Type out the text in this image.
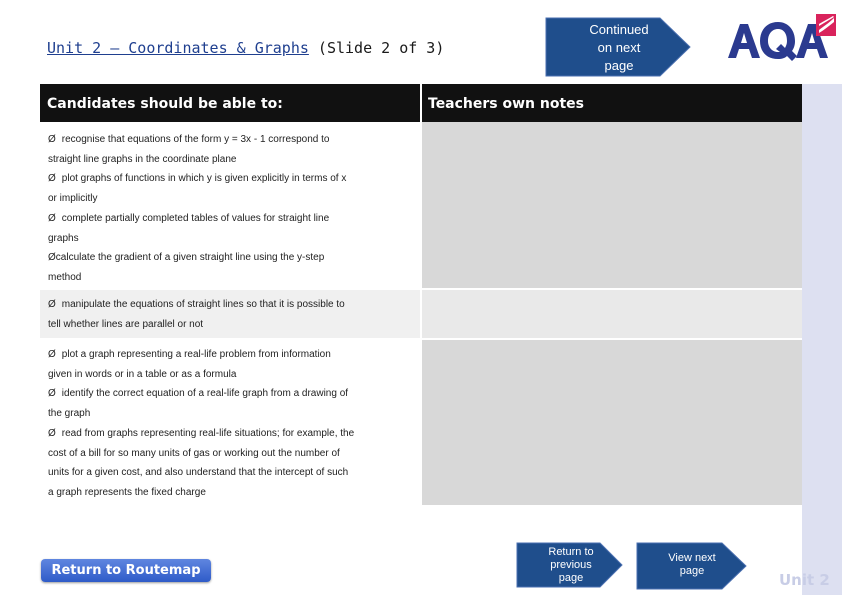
Unit 2 – Coordinates & Graphs (Slide 2 of 3)
Continued
on next
page
Candidates should be able to:	Teachers own notes

Ø recognise that equations of the form y = 3x - 1 correspond to

straight line graphs in the coordinate plane

Ø plot graphs of functions in which y is given explicitly in terms of x

or implicitly

Ø complete partially completed tables of values for straight line

graphs

Øcalculate the gradient of a given straight line using the y-step

method

Ø manipulate the equations of straight lines so that it is possible to

tell whether lines are parallel or not

Ø plot a graph representing a real-life problem from information

given in words or in a table or as a formula

Ø identify the correct equation of a real-life graph from a drawing of

the graph

Ø read from graphs representing real-life situations; for example, the

cost of a bill for so many units of gas or working out the number of

units for a given cost, and also understand that the intercept of such

a graph represents the fixed charge

Return to Routemap
Return to
previous
page
View next
page	Unit 2
